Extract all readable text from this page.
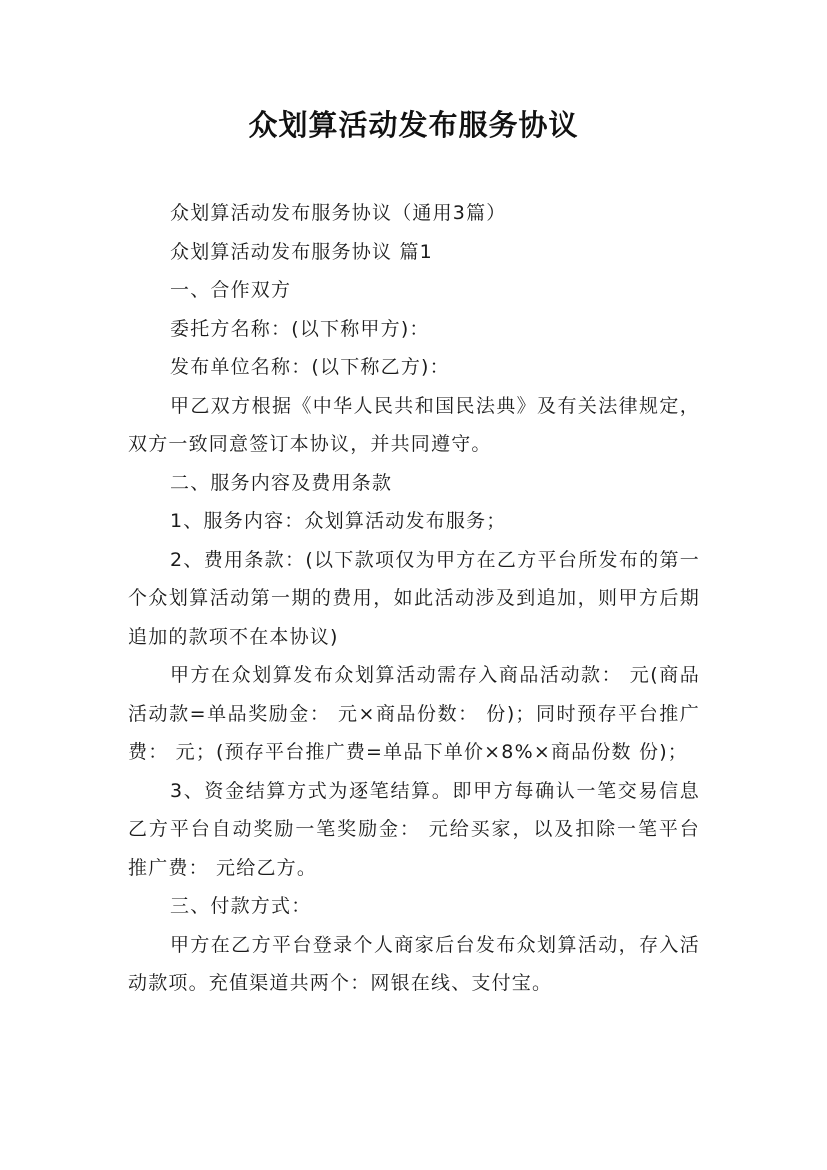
众划算活动发布服务协议

众划算活动发布服务协议（通用3篇）

众划算活动发布服务协议 篇1

一、合作双方

委托方名称：(以下称甲方)：

发布单位名称：(以下称乙方)：

甲乙双方根据《中华人民共和国民法典》及有关法律规定，双方一致同意签订本协议，并共同遵守。

二、服务内容及费用条款

1、服务内容：众划算活动发布服务；

2、费用条款：(以下款项仅为甲方在乙方平台所发布的第一个众划算活动第一期的费用，如此活动涉及到追加，则甲方后期追加的款项不在本协议)

甲方在众划算发布众划算活动需存入商品活动款： 元(商品活动款=单品奖励金： 元×商品份数： 份)；同时预存平台推广费： 元；(预存平台推广费=单品下单价×8%×商品份数 份)；

3、资金结算方式为逐笔结算。即甲方每确认一笔交易信息乙方平台自动奖励一笔奖励金： 元给买家，以及扣除一笔平台推广费： 元给乙方。

三、付款方式：

甲方在乙方平台登录个人商家后台发布众划算活动，存入活动款项。充值渠道共两个：网银在线、支付宝。
